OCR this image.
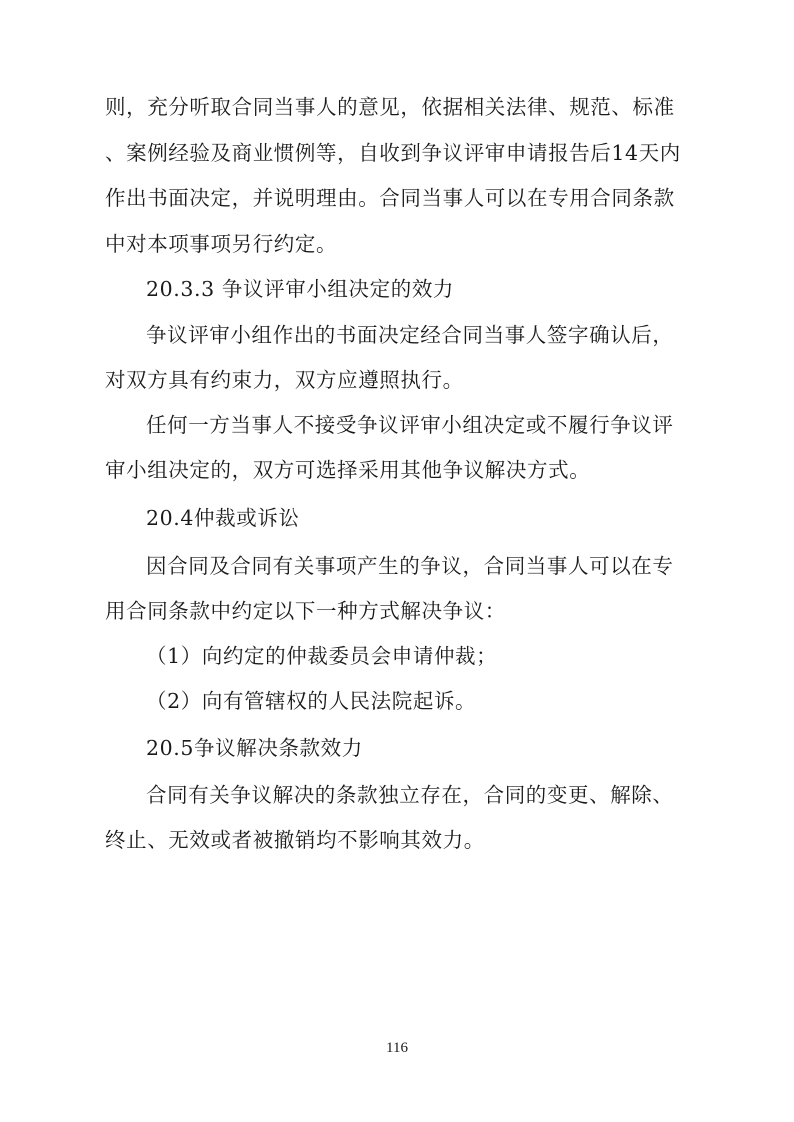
则，充分听取合同当事人的意见，依据相关法律、规范、标准
、案例经验及商业惯例等，自收到争议评审申请报告后14天内
作出书面决定，并说明理由。合同当事人可以在专用合同条款
中对本项事项另行约定。
20.3.3 争议评审小组决定的效力
争议评审小组作出的书面决定经合同当事人签字确认后，
对双方具有约束力，双方应遵照执行。
任何一方当事人不接受争议评审小组决定或不履行争议评
审小组决定的，双方可选择采用其他争议解决方式。
20.4仲裁或诉讼
因合同及合同有关事项产生的争议，合同当事人可以在专
用合同条款中约定以下一种方式解决争议：
（1）向约定的仲裁委员会申请仲裁；
（2）向有管辖权的人民法院起诉。
20.5争议解决条款效力
合同有关争议解决的条款独立存在，合同的变更、解除、
终止、无效或者被撤销均不影响其效力。
116
